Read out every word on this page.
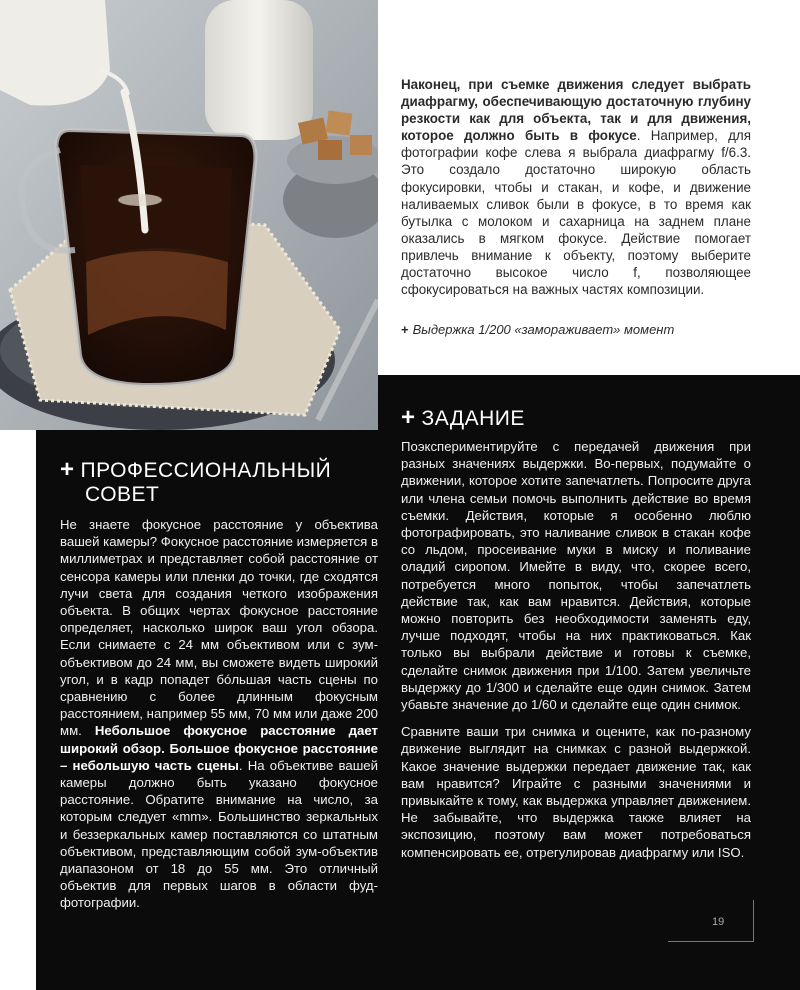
Наконец, при съемке движения следует выбрать диафрагму, обеспечивающую достаточную глубину резкости как для объекта, так и для движения, которое должно быть в фокусе. Например, для фотографии кофе слева я выбрала диафрагму f/6.3. Это создало достаточно широкую область фокусировки, чтобы и стакан, и кофе, и движение наливаемых сливок были в фокусе, в то время как бутылка с молоком и сахарница на заднем плане оказались в мягком фокусе. Действие помогает привлечь внимание к объекту, поэтому выберите достаточно высокое число f, позволяющее сфокусироваться на важных частях композиции.
+ Выдержка 1/200 «замораживает» момент
+ ПРОФЕССИОНАЛЬНЫЙ
СОВЕТ
Не знаете фокусное расстояние у объектива вашей камеры? Фокусное расстояние измеряется в миллиметрах и представляет собой расстояние от сенсора камеры или пленки до точки, где сходятся лучи света для создания четкого изображения объекта. В общих чертах фокусное расстояние определяет, насколько широк ваш угол обзора. Если снимаете с 24 мм объективом или с зум-объективом до 24 мм, вы сможете видеть широкий угол, и в кадр попадет бóльшая часть сцены по сравнению с более длинным фокусным расстоянием, например 55 мм, 70 мм или даже 200 мм. Небольшое фокусное расстояние дает широкий обзор. Большое фокусное расстояние – небольшую часть сцены. На объективе вашей камеры должно быть указано фокусное расстояние. Обратите внимание на число, за которым следует «mm». Большинство зеркальных и беззеркальных камер поставляются со штатным объективом, представляющим собой зум-объектив диапазоном от 18 до 55 мм. Это отличный объектив для первых шагов в области фуд-фотографии.
+ ЗАДАНИЕ

Поэкспериментируйте с передачей движения при разных значениях выдержки. Во-первых, подумайте о движении, которое хотите запечатлеть. Попросите друга или члена семьи помочь выполнить действие во время съемки. Действия, которые я особенно люблю фотографировать, это наливание сливок в стакан кофе со льдом, просеивание муки в миску и поливание оладий сиропом. Имейте в виду, что, скорее всего, потребуется много попыток, чтобы запечатлеть действие так, как вам нравится. Действия, которые можно повторить без необходимости заменять еду, лучше подходят, чтобы на них практиковаться. Как только вы выбрали действие и готовы к съемке, сделайте снимок движения при 1/100. Затем увеличьте выдержку до 1/300 и сделайте еще один снимок. Затем убавьте значение до 1/60 и сделайте еще один снимок.

Сравните ваши три снимка и оцените, как по-разному движение выглядит на снимках с разной выдержкой. Какое значение выдержки передает движение так, как вам нравится? Играйте с разными значениями и привыкайте к тому, как выдержка управляет движением. Не забывайте, что выдержка также влияет на экспозицию, поэтому вам может потребоваться компенсировать ее, отрегулировав диафрагму или ISO.

19
